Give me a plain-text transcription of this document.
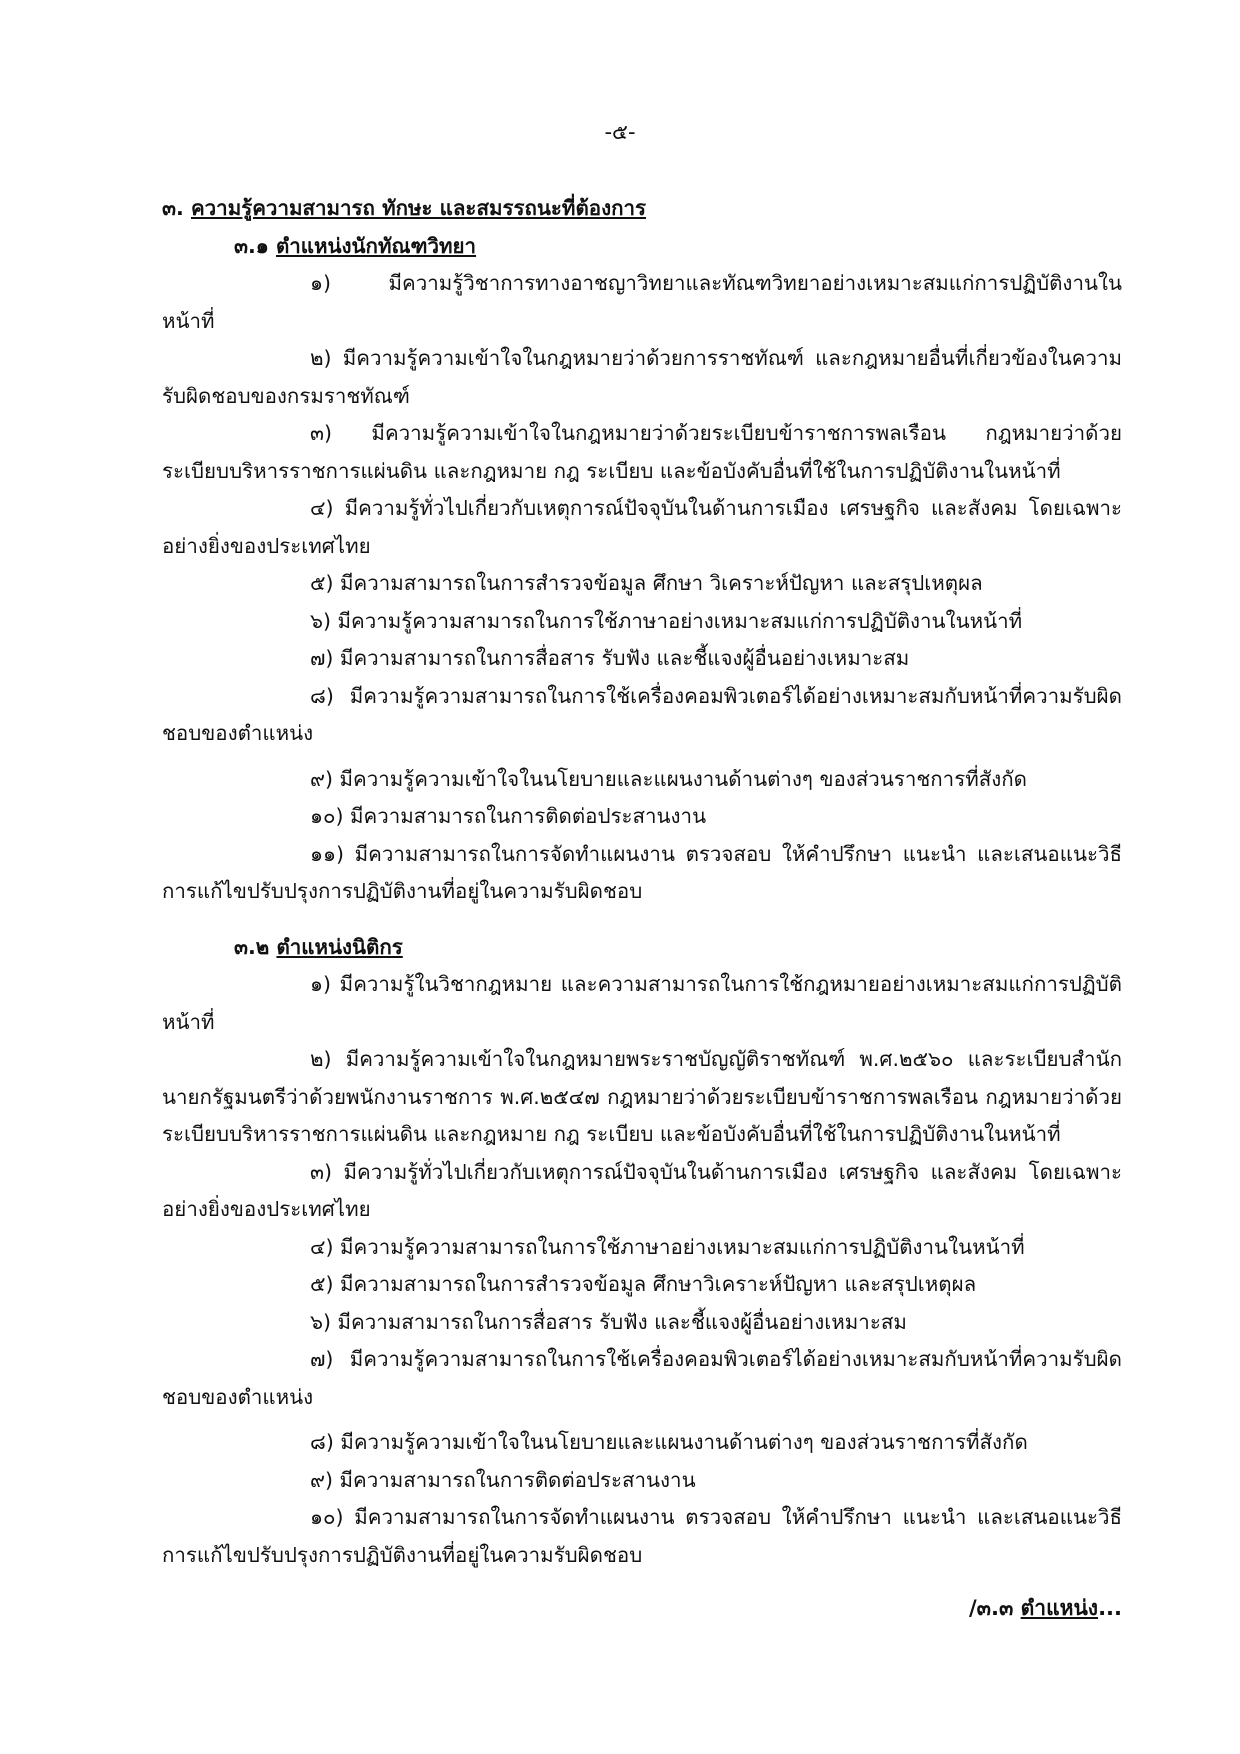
-๕-

๓. ความรู้ความสามารถ ทักษะ และสมรรถนะที่ต้องการ

๓.๑ ตำแหน่งนักทัณฑวิทยา

๑) มีความรู้วิชาการทางอาชญาวิทยาและทัณฑวิทยาอย่างเหมาะสมแก่การปฏิบัติงานในหน้าที่

๒) มีความรู้ความเข้าใจในกฎหมายว่าด้วยการราชทัณฑ์ และกฎหมายอื่นที่เกี่ยวข้องในความรับผิดชอบของกรมราชทัณฑ์

๓) มีความรู้ความเข้าใจในกฎหมายว่าด้วยระเบียบข้าราชการพลเรือน กฎหมายว่าด้วยระเบียบบริหารราชการแผ่นดิน และกฎหมาย กฎ ระเบียบ และข้อบังคับอื่นที่ใช้ในการปฏิบัติงานในหน้าที่

๔) มีความรู้ทั่วไปเกี่ยวกับเหตุการณ์ปัจจุบันในด้านการเมือง เศรษฐกิจ และสังคม โดยเฉพาะอย่างยิ่งของประเทศไทย

๕) มีความสามารถในการสำรวจข้อมูล ศึกษา วิเคราะห์ปัญหา และสรุปเหตุผล

๖) มีความรู้ความสามารถในการใช้ภาษาอย่างเหมาะสมแก่การปฏิบัติงานในหน้าที่

๗) มีความสามารถในการสื่อสาร รับฟัง และชี้แจงผู้อื่นอย่างเหมาะสม

๘) มีความรู้ความสามารถในการใช้เครื่องคอมพิวเตอร์ได้อย่างเหมาะสมกับหน้าที่ความรับผิดชอบของตำแหน่ง

๙) มีความรู้ความเข้าใจในนโยบายและแผนงานด้านต่างๆ ของส่วนราชการที่สังกัด

๑๐) มีความสามารถในการติดต่อประสานงาน

๑๑) มีความสามารถในการจัดทำแผนงาน ตรวจสอบ ให้คำปรึกษา แนะนำ และเสนอแนะวิธีการแก้ไขปรับปรุงการปฏิบัติงานที่อยู่ในความรับผิดชอบ

๓.๒ ตำแหน่งนิติกร

๑) มีความรู้ในวิชากฎหมาย และความสามารถในการใช้กฎหมายอย่างเหมาะสมแก่การปฏิบัติหน้าที่

๒) มีความรู้ความเข้าใจในกฎหมายพระราชบัญญัติราชทัณฑ์ พ.ศ.๒๕๖๐ และระเบียบสำนักนายกรัฐมนตรีว่าด้วยพนักงานราชการ พ.ศ.๒๕๔๗ กฎหมายว่าด้วยระเบียบข้าราชการพลเรือน กฎหมายว่าด้วยระเบียบบริหารราชการแผ่นดิน และกฎหมาย กฎ ระเบียบ และข้อบังคับอื่นที่ใช้ในการปฏิบัติงานในหน้าที่

๓) มีความรู้ทั่วไปเกี่ยวกับเหตุการณ์ปัจจุบันในด้านการเมือง เศรษฐกิจ และสังคม โดยเฉพาะอย่างยิ่งของประเทศไทย

๔) มีความรู้ความสามารถในการใช้ภาษาอย่างเหมาะสมแก่การปฏิบัติงานในหน้าที่

๕) มีความสามารถในการสำรวจข้อมูล ศึกษาวิเคราะห์ปัญหา และสรุปเหตุผล

๖) มีความสามารถในการสื่อสาร รับฟัง และชี้แจงผู้อื่นอย่างเหมาะสม

๗) มีความรู้ความสามารถในการใช้เครื่องคอมพิวเตอร์ได้อย่างเหมาะสมกับหน้าที่ความรับผิดชอบของตำแหน่ง

๘) มีความรู้ความเข้าใจในนโยบายและแผนงานด้านต่างๆ ของส่วนราชการที่สังกัด

๙) มีความสามารถในการติดต่อประสานงาน

๑๐) มีความสามารถในการจัดทำแผนงาน ตรวจสอบ ให้คำปรึกษา แนะนำ และเสนอแนะวิธีการแก้ไขปรับปรุงการปฏิบัติงานที่อยู่ในความรับผิดชอบ

/๓.๓ ตำแหน่ง...
